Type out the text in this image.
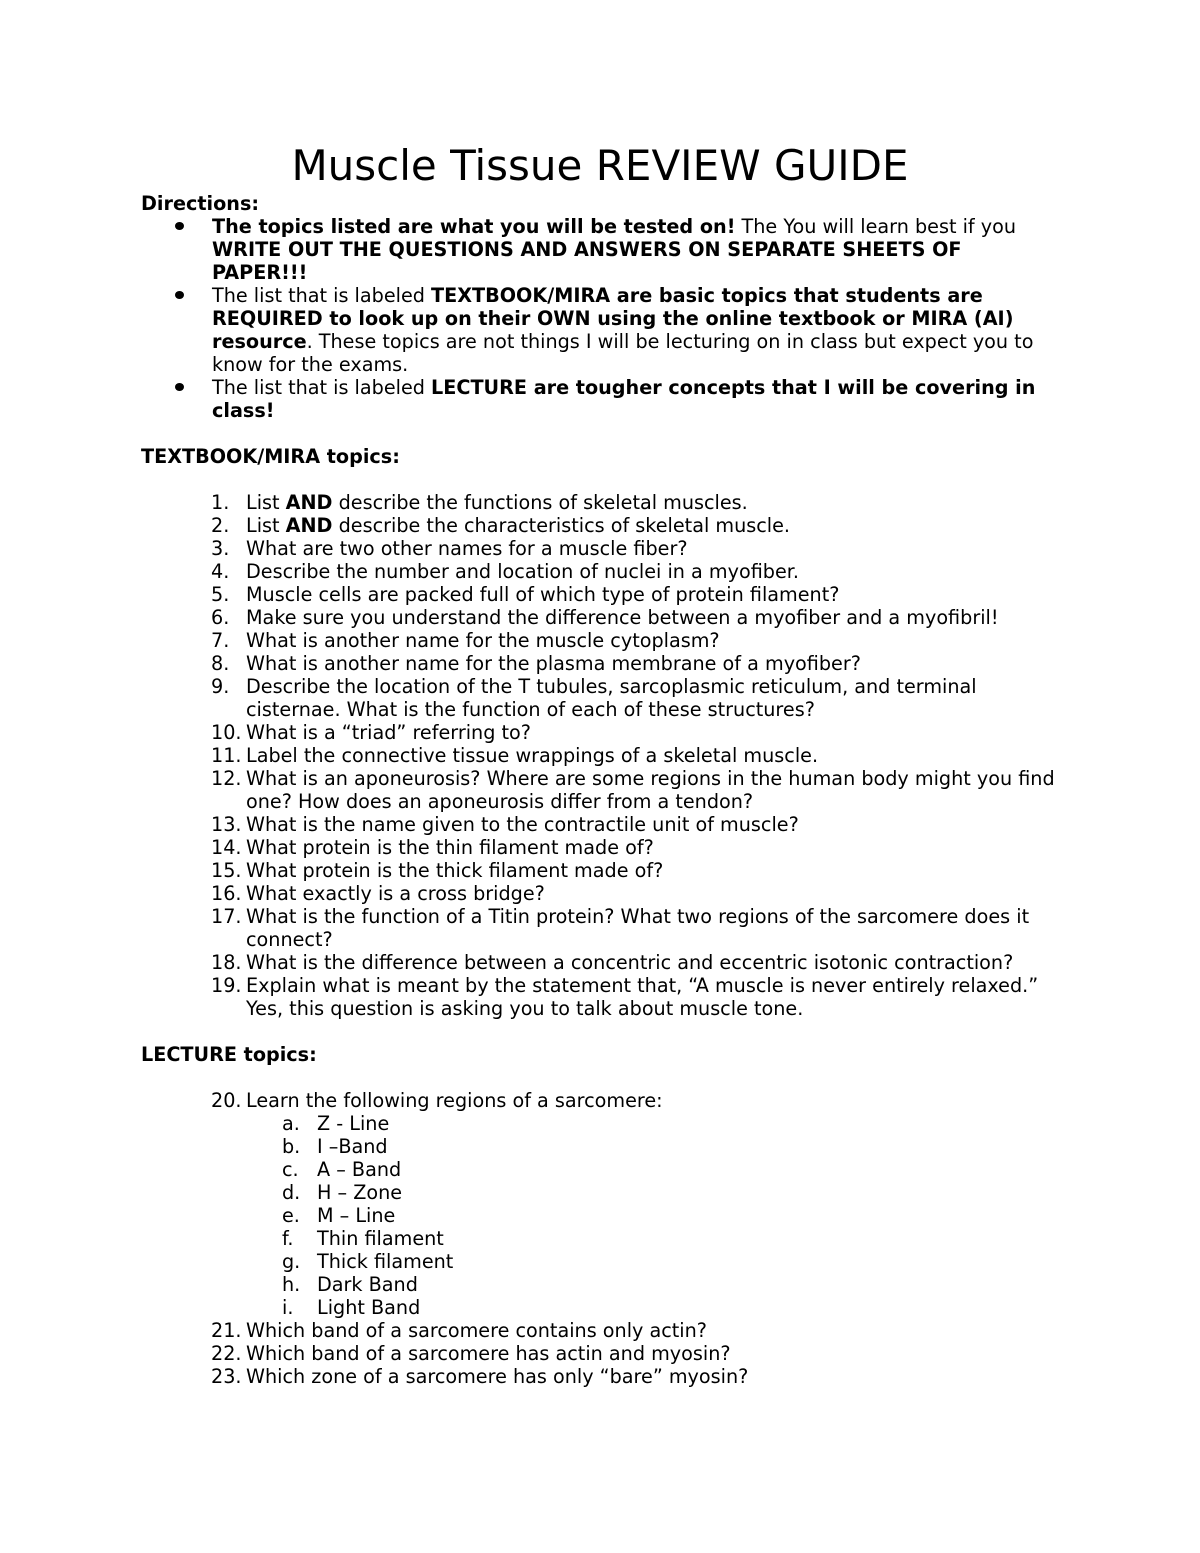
Muscle Tissue REVIEW GUIDE
Directions:
The topics listed are what you will be tested on! The You will learn best if you WRITE OUT THE QUESTIONS AND ANSWERS ON SEPARATE SHEETS OF PAPER!!!
The list that is labeled TEXTBOOK/MIRA are basic topics that students are REQUIRED to look up on their OWN using the online textbook or MIRA (AI) resource. These topics are not things I will be lecturing on in class but expect you to know for the exams.
The list that is labeled LECTURE are tougher concepts that I will be covering in class!
TEXTBOOK/MIRA topics:
1. List AND describe the functions of skeletal muscles.
2. List AND describe the characteristics of skeletal muscle.
3. What are two other names for a muscle fiber?
4. Describe the number and location of nuclei in a myofiber.
5. Muscle cells are packed full of which type of protein filament?
6. Make sure you understand the difference between a myofiber and a myofibril!
7. What is another name for the muscle cytoplasm?
8. What is another name for the plasma membrane of a myofiber?
9. Describe the location of the T tubules, sarcoplasmic reticulum, and terminal cisternae. What is the function of each of these structures?
10. What is a “triad” referring to?
11. Label the connective tissue wrappings of a skeletal muscle.
12. What is an aponeurosis? Where are some regions in the human body might you find one? How does an aponeurosis differ from a tendon?
13. What is the name given to the contractile unit of muscle?
14. What protein is the thin filament made of?
15. What protein is the thick filament made of?
16. What exactly is a cross bridge?
17. What is the function of a Titin protein? What two regions of the sarcomere does it connect?
18. What is the difference between a concentric and eccentric isotonic contraction?
19. Explain what is meant by the statement that, “A muscle is never entirely relaxed.” Yes, this question is asking you to talk about muscle tone.
LECTURE topics:
20. Learn the following regions of a sarcomere:
a. Z - Line
b. I –Band
c. A – Band
d. H – Zone
e. M – Line
f. Thin filament
g. Thick filament
h. Dark Band
i. Light Band
21. Which band of a sarcomere contains only actin?
22. Which band of a sarcomere has actin and myosin?
23. Which zone of a sarcomere has only “bare” myosin?
